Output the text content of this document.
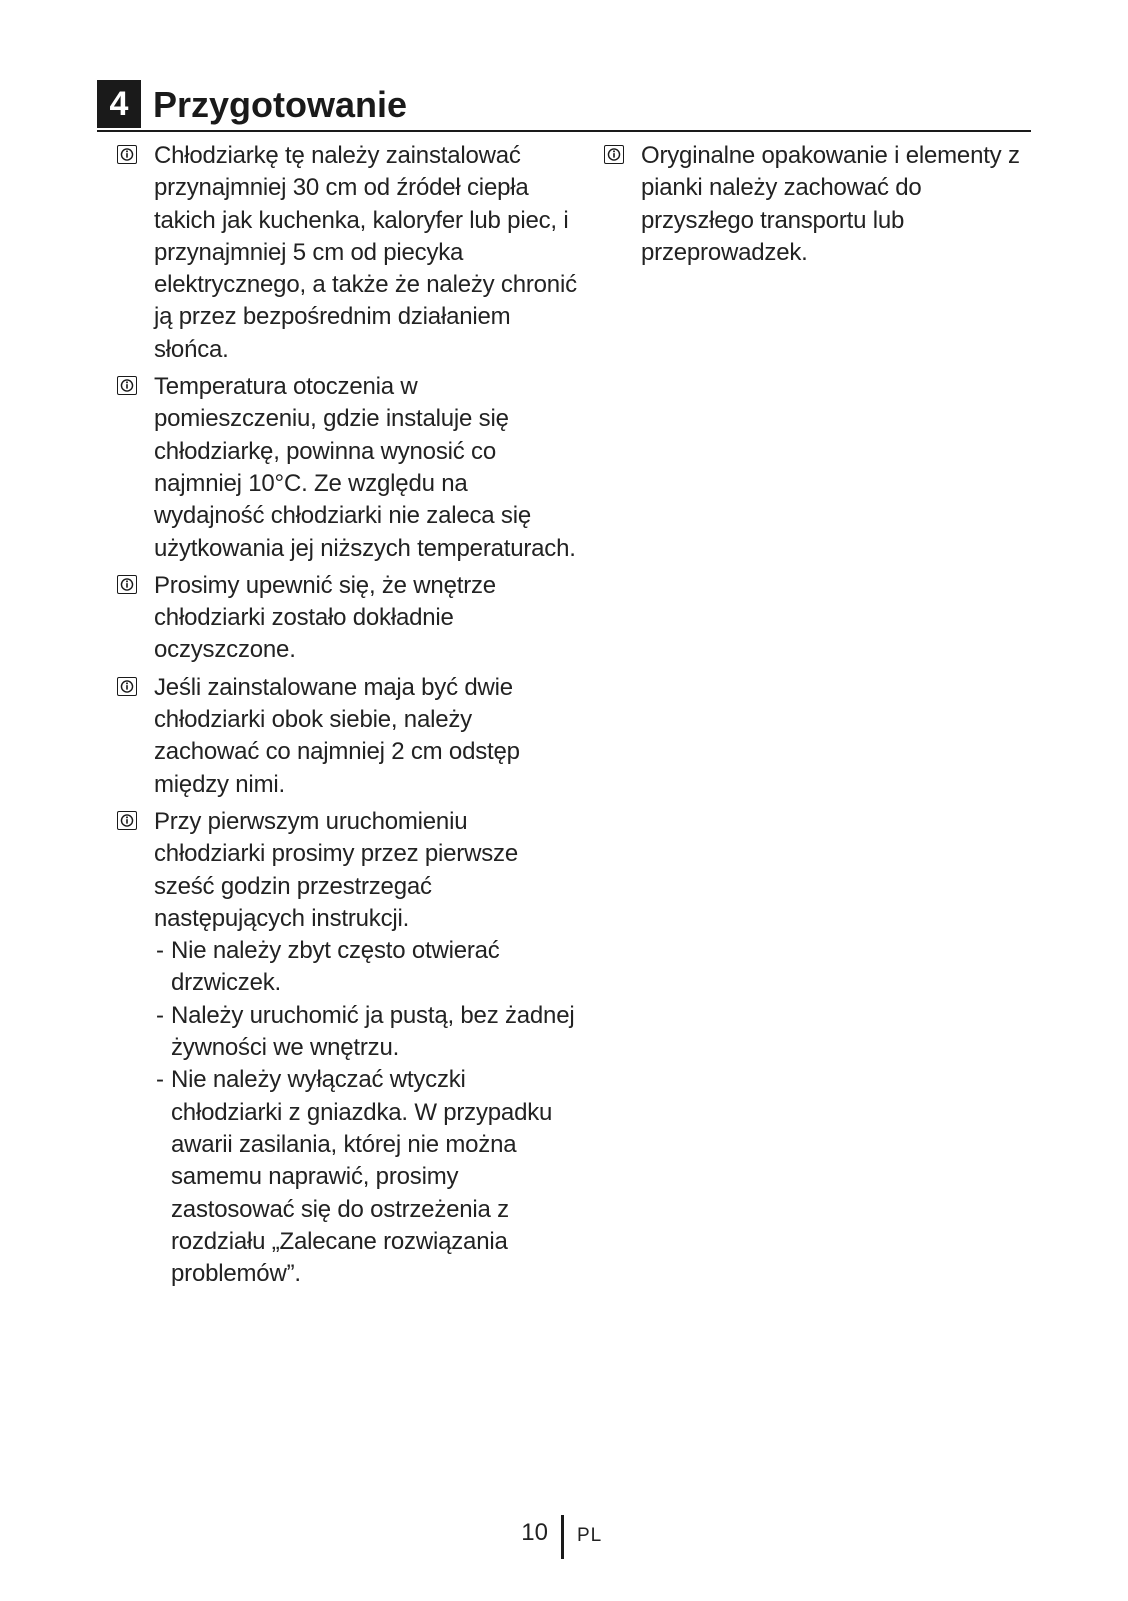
4 Przygotowanie

Chłodziarkę tę należy zainstalować przynajmniej 30 cm od źródeł ciepła takich jak kuchenka, kaloryfer lub piec, i przynajmniej 5 cm od piecyka elektrycznego, a także że należy chronić ją przez bezpośrednim działaniem słońca.

Temperatura otoczenia w pomieszczeniu, gdzie instaluje się chłodziarkę, powinna wynosić co najmniej 10°C. Ze względu na wydajność chłodziarki nie zaleca się użytkowania jej niższych temperaturach.

Prosimy upewnić się, że wnętrze chłodziarki zostało dokładnie oczyszczone.

Jeśli zainstalowane maja być dwie chłodziarki obok siebie, należy zachować co najmniej 2 cm odstęp między nimi.

Przy pierwszym uruchomieniu chłodziarki prosimy przez pierwsze sześć godzin przestrzegać następujących instrukcji.

- Nie należy zbyt często otwierać drzwiczek.
- Należy uruchomić ja pustą, bez żadnej żywności we wnętrzu.
- Nie należy wyłączać wtyczki chłodziarki z gniazdka. W przypadku awarii zasilania, której nie można samemu naprawić, prosimy zastosować się do ostrzeżenia z rozdziału „Zalecane rozwiązania problemów”.

Oryginalne opakowanie i elementy z pianki należy zachować do przyszłego transportu lub przeprowadzek.

10 PL
